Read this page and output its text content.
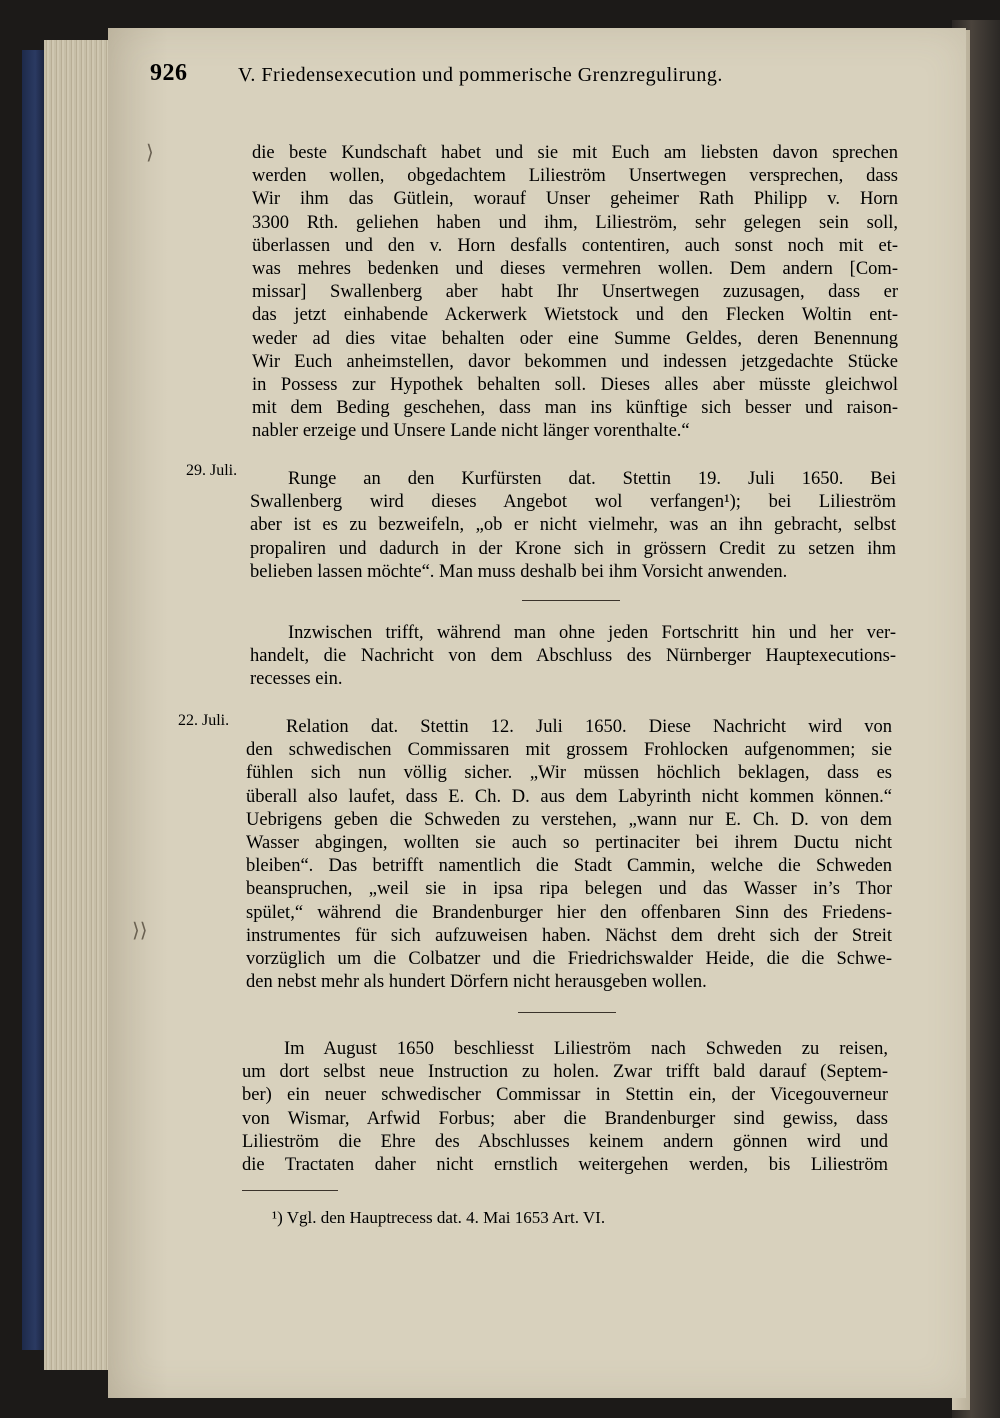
926	V. Friedensexecution und pommerische Grenzregulirung.
⟩
⟩⟩
die beste Kundschaft habet und sie mit Euch am liebsten davon sprechen
werden wollen, obgedachtem Lilieström Unsertwegen versprechen, dass
Wir ihm das Gütlein, worauf Unser geheimer Rath Philipp v. Horn
3300 Rth. geliehen haben und ihm, Lilieström, sehr gelegen sein soll,
überlassen und den v. Horn desfalls contentiren, auch sonst noch mit et-
was mehres bedenken und dieses vermehren wollen. Dem andern [Com-
missar] Swallenberg aber habt Ihr Unsertwegen zuzusagen, dass er
das jetzt einhabende Ackerwerk Wietstock und den Flecken Woltin ent-
weder ad dies vitae behalten oder eine Summe Geldes, deren Benennung
Wir Euch anheimstellen, davor bekommen und indessen jetzgedachte Stücke
in Possess zur Hypothek behalten soll. Dieses alles aber müsste gleichwol
mit dem Beding geschehen, dass man ins künftige sich besser und raison-
nabler erzeige und Unsere Lande nicht länger vorenthalte.“
29. Juli.	Runge an den Kurfürsten dat. Stettin 19. Juli 1650. Bei
Swallenberg wird dieses Angebot wol verfangen¹); bei Lilieström
aber ist es zu bezweifeln, „ob er nicht vielmehr, was an ihn gebracht, selbst
propaliren und dadurch in der Krone sich in grössern Credit zu setzen ihm
belieben lassen möchte“. Man muss deshalb bei ihm Vorsicht anwenden.
Inzwischen trifft, während man ohne jeden Fortschritt hin und her ver-
handelt, die Nachricht von dem Abschluss des Nürnberger Hauptexecutions-
recesses ein.
22. Juli.	Relation dat. Stettin 12. Juli 1650. Diese Nachricht wird von
den schwedischen Commissaren mit grossem Frohlocken aufgenommen; sie
fühlen sich nun völlig sicher. „Wir müssen höchlich beklagen, dass es
überall also laufet, dass E. Ch. D. aus dem Labyrinth nicht kommen können.“
Uebrigens geben die Schweden zu verstehen, „wann nur E. Ch. D. von dem
Wasser abgingen, wollten sie auch so pertinaciter bei ihrem Ductu nicht
bleiben“. Das betrifft namentlich die Stadt Cammin, welche die Schweden
beanspruchen, „weil sie in ipsa ripa belegen und das Wasser in’s Thor
spület,“ während die Brandenburger hier den offenbaren Sinn des Friedens-
instrumentes für sich aufzuweisen haben. Nächst dem dreht sich der Streit
vorzüglich um die Colbatzer und die Friedrichswalder Heide, die die Schwe-
den nebst mehr als hundert Dörfern nicht herausgeben wollen.
Im August 1650 beschliesst Lilieström nach Schweden zu reisen,
um dort selbst neue Instruction zu holen. Zwar trifft bald darauf (Septem-
ber) ein neuer schwedischer Commissar in Stettin ein, der Vicegouverneur
von Wismar, Arfwid Forbus; aber die Brandenburger sind gewiss, dass
Lilieström die Ehre des Abschlusses keinem andern gönnen wird und
die Tractaten daher nicht ernstlich weitergehen werden, bis Lilieström
¹) Vgl. den Hauptrecess dat. 4. Mai 1653 Art. VI.
